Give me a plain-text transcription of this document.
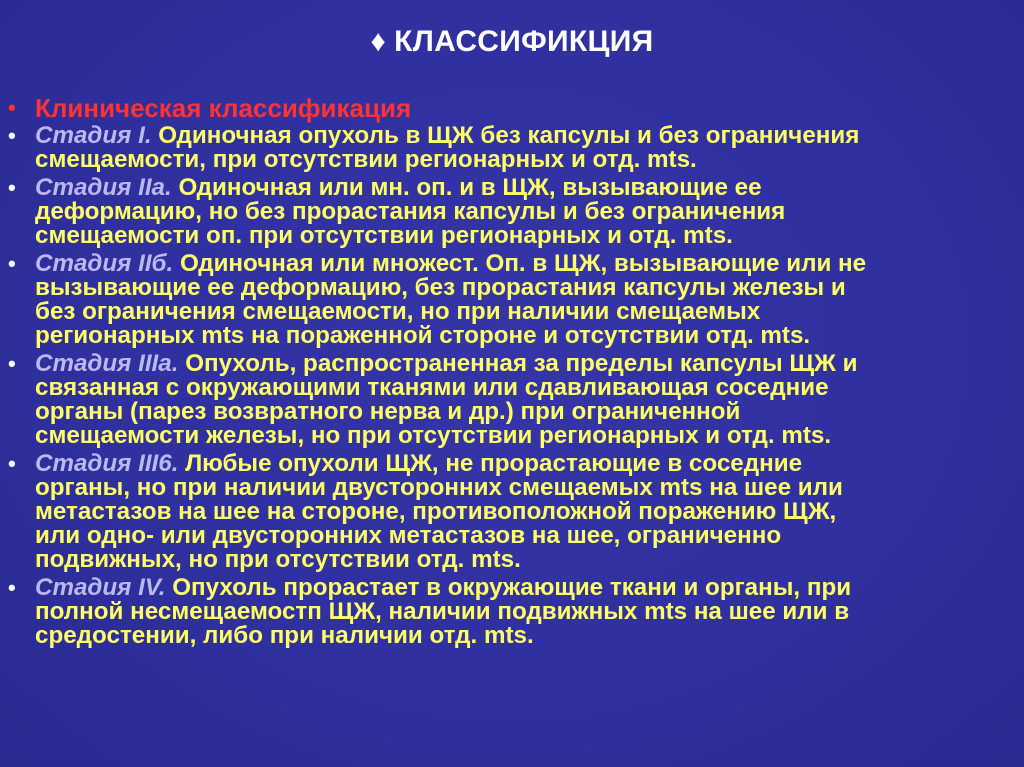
♦ КЛАССИФИКЦИЯ
• Клиническая классификация
• Стадия I. Одиночная опухоль в ЩЖ без капсулы и без ограничения
смещаемости, при отсутствии регионарных и отд. mts.
• Стадия IIa. Одиночная или мн. оп. и в ЩЖ, вызывающие ее
деформацию, но без прорастания капсулы и без ограничения
смещаемости оп. при отсутствии регионарных и отд. mts.
• Стадия IIб. Одиночная или множест. Оп. в ЩЖ, вызывающие или не
вызывающие ее деформацию, без прорастания капсулы железы и
без ограничения смещаемости, но при наличии смещаемых
регионарных mts на пораженной стороне и отсутствии отд. mts.
• Стадия IIIa. Опухоль, распространенная за пределы капсулы ЩЖ и
связанная с окружающими тканями или сдавливающая соседние
органы (парез возвратного нерва и др.) при ограниченной
смещаемости железы, но при отсутствии регионарных и отд. mts.
• Стадия III6. Любые опухоли ЩЖ, не прорастающие в соседние
органы, но при наличии двусторонних смещаемых mts на шее или
метастазов на шее на стороне, противоположной поражению ЩЖ,
или одно- или двусторонних метастазов на шее, ограниченно
подвижных, но при отсутствии отд. mts.
• Стадия IV. Опухоль прорастает в окружающие ткани и органы, при
полной несмещаемостп ЩЖ, наличии подвижных mts на шее или в
средостении, либо при наличии отд. mts.
